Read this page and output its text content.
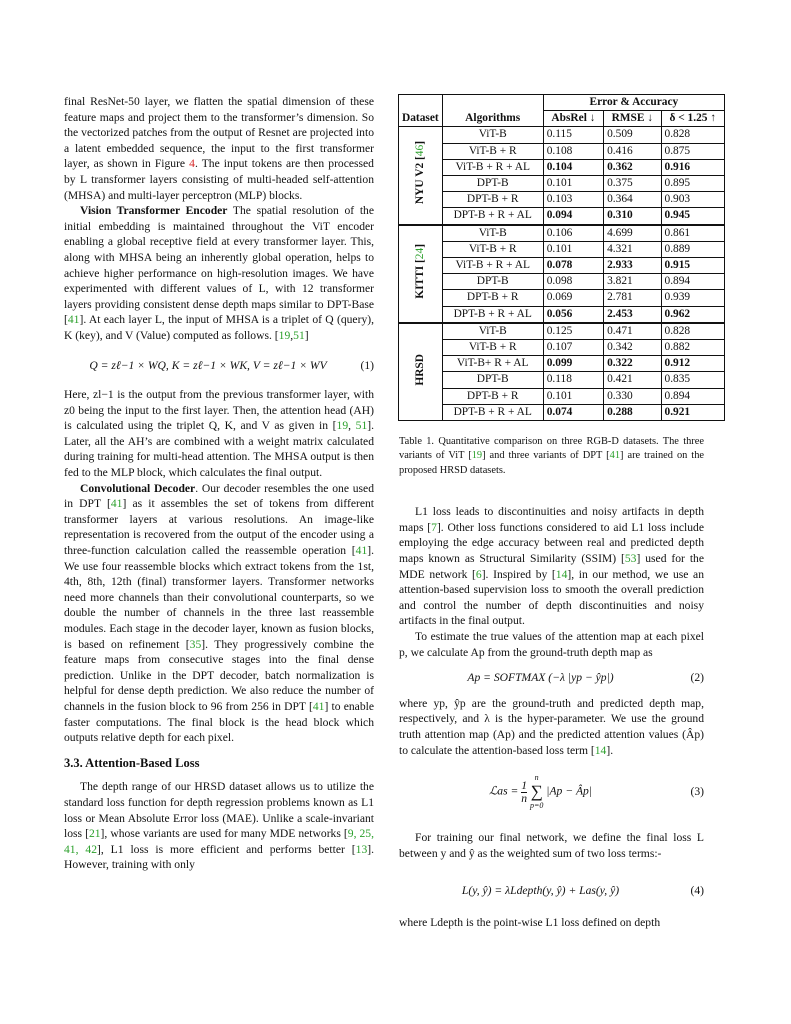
final ResNet-50 layer, we flatten the spatial dimension of these feature maps and project them to the transformer’s dimension. So the vectorized patches from the output of Resnet are projected into a latent embedded sequence, the input to the first transformer layer, as shown in Figure 4. The input tokens are then processed by L transformer layers consisting of multi-headed self-attention (MHSA) and multi-layer perceptron (MLP) blocks.

Vision Transformer Encoder The spatial resolution of the initial embedding is maintained throughout the ViT encoder enabling a global receptive field at every transformer layer. This, along with MHSA being an inherently global operation, helps to achieve higher performance on high-resolution images. We have experimented with different values of L, with 12 transformer layers providing consistent dense depth maps similar to DPT-Base [41]. At each layer L, the input of MHSA is a triplet of Q (query), K (key), and V (Value) computed as follows. [19,51]

Q = zℓ−1 × WQ, K = zℓ−1 × WK, V = zℓ−1 × WV	(1)

Here, zl−1 is the output from the previous transformer layer, with z0 being the input to the first layer. Then, the attention head (AH) is calculated using the triplet Q, K, and V as given in [19, 51]. Later, all the AH’s are combined with a weight matrix calculated during training for multi-head attention. The MHSA output is then fed to the MLP block, which calculates the final output.

Convolutional Decoder. Our decoder resembles the one used in DPT [41] as it assembles the set of tokens from different transformer layers at various resolutions. An image-like representation is recovered from the output of the encoder using a three-function calculation called the reassemble operation [41]. We use four reassemble blocks which extract tokens from the 1st, 4th, 8th, 12th (final) transformer layers. Transformer networks need more channels than their convolutional counterparts, so we double the number of channels in the three last reassemble modules. Each stage in the decoder layer, known as fusion blocks, is based on refinement [35]. They progressively combine the feature maps from consecutive stages into the final dense prediction. Unlike in the DPT decoder, batch normalization is helpful for dense depth prediction. We also reduce the number of channels in the fusion block to 96 from 256 in DPT [41] to enable faster computations. The final block is the head block which outputs relative depth for each pixel.

3.3. Attention-Based Loss

The depth range of our HRSD dataset allows us to utilize the standard loss function for depth regression problems known as L1 loss or Mean Absolute Error loss (MAE). Unlike a scale-invariant loss [21], whose variants are used for many MDE networks [9, 25, 41, 42], L1 loss is more efficient and performs better [13]. However, training with only

Dataset	Algorithms	Error & Accuracy		
		AbsRel ↓	RMSE ↓	δ < 1.25 ↑
NYU V2 [46]	ViT-B	0.115	0.509	0.828
	ViT-B + R	0.108	0.416	0.875
	ViT-B + R + AL	0.104	0.362	0.916
	DPT-B	0.101	0.375	0.895
	DPT-B + R	0.103	0.364	0.903
	DPT-B + R + AL	0.094	0.310	0.945
KITTI [24]	ViT-B	0.106	4.699	0.861
	ViT-B + R	0.101	4.321	0.889
	ViT-B + R + AL	0.078	2.933	0.915
	DPT-B	0.098	3.821	0.894
	DPT-B + R	0.069	2.781	0.939
	DPT-B + R + AL	0.056	2.453	0.962
HRSD	ViT-B	0.125	0.471	0.828
	ViT-B + R	0.107	0.342	0.882
	ViT-B+ R + AL	0.099	0.322	0.912
	DPT-B	0.118	0.421	0.835
	DPT-B + R	0.101	0.330	0.894
	DPT-B + R + AL	0.074	0.288	0.921

Table 1. Quantitative comparison on three RGB-D datasets. The three variants of ViT [19] and three variants of DPT [41] are trained on the proposed HRSD datasets.

L1 loss leads to discontinuities and noisy artifacts in depth maps [7]. Other loss functions considered to aid L1 loss include employing the edge accuracy between real and predicted depth maps known as Structural Similarity (SSIM) [53] used for the MDE network [6]. Inspired by [14], in our method, we use an attention-based supervision loss to smooth the overall prediction and control the number of depth discontinuities and noisy artifacts in the final output.

To estimate the true values of the attention map at each pixel p, we calculate Ap from the ground-truth depth map as

Ap = SOFTMAX (−λ |yp − ŷp|)	(2)

where yp, ŷp are the ground-truth and predicted depth map, respectively, and λ is the hyper-parameter. We use the ground truth attention map (Ap) and the predicted attention values (Âp) to calculate the attention-based loss term [14].

ℒas = $\frac{1}{n}$

n
∑
p=0
|Ap − Âp|	(3)

For training our final network, we define the final loss L between y and ŷ as the weighted sum of two loss terms:-

L(y, ŷ) = λLdepth(y, ŷ) + Las(y, ŷ)	(4)

where Ldepth is the point-wise L1 loss defined on depth
